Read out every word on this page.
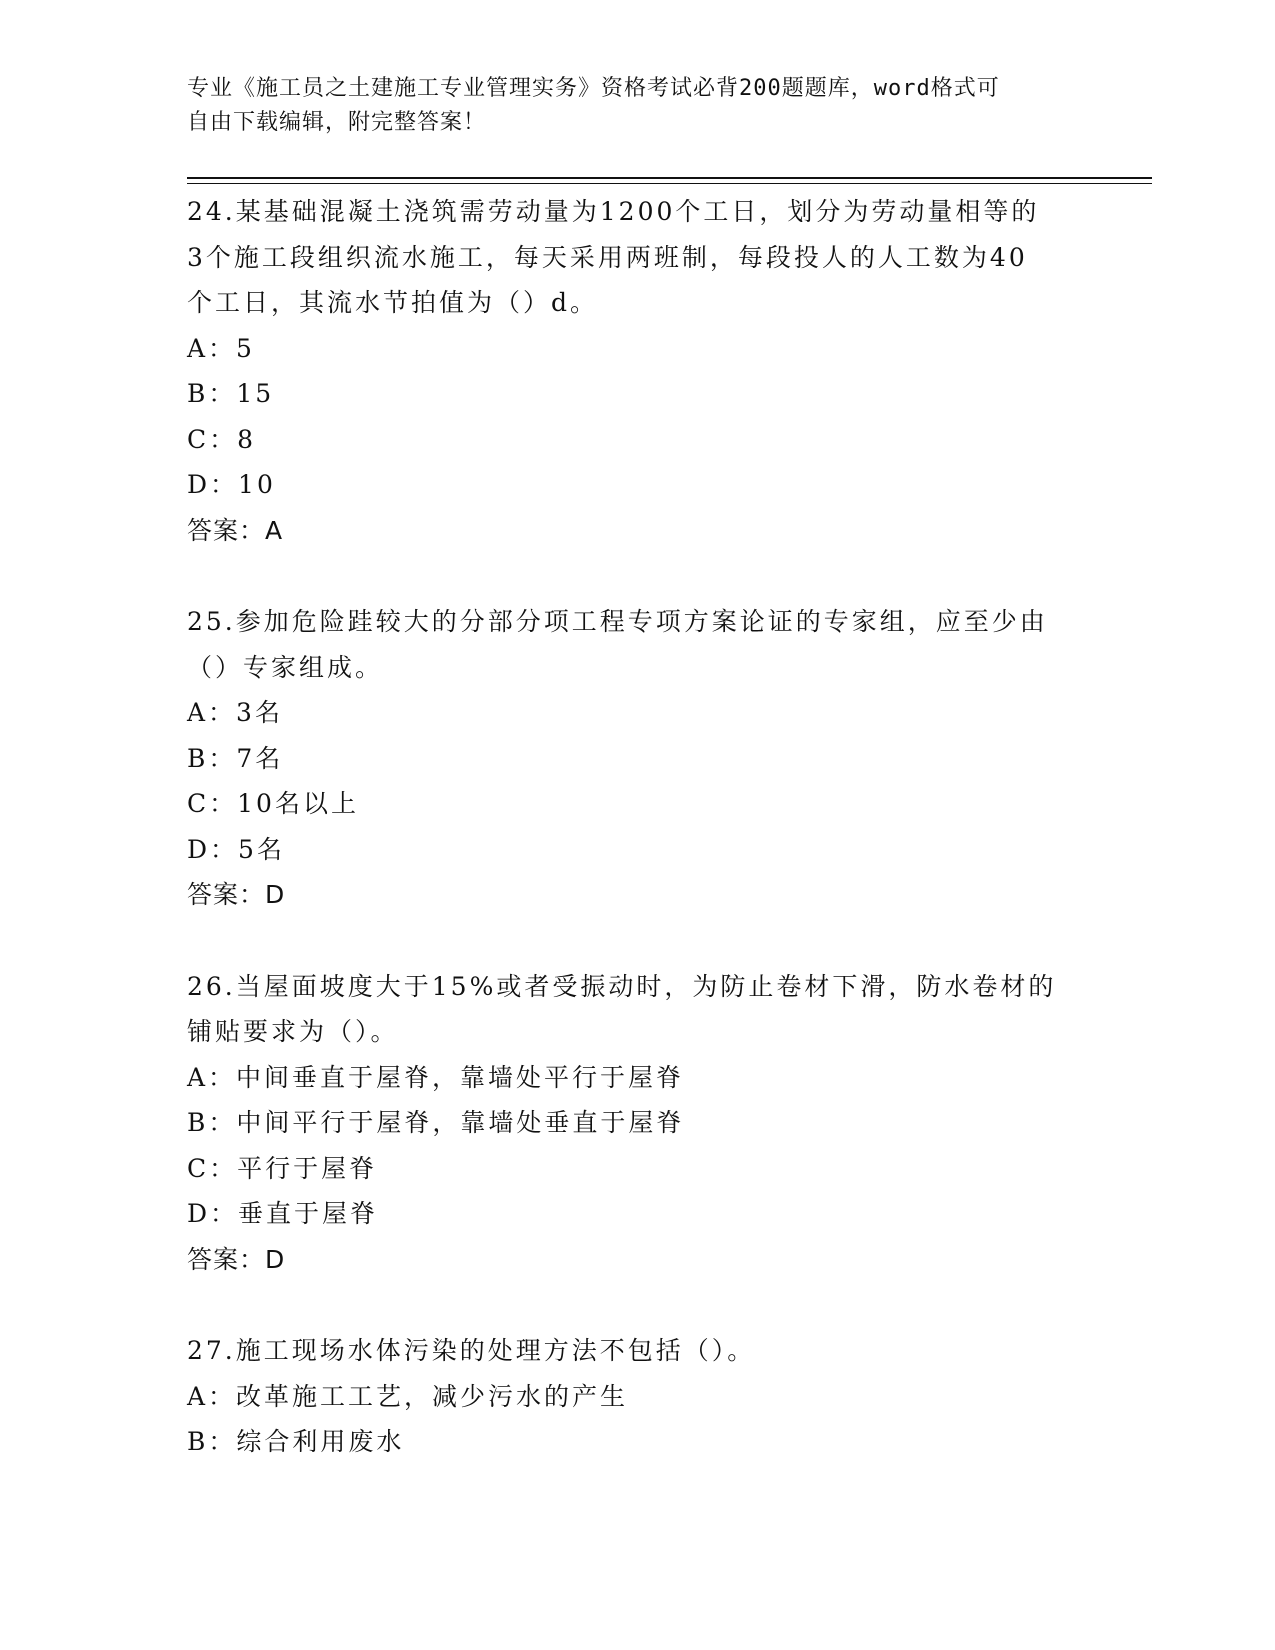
专业《施工员之土建施工专业管理实务》资格考试必背200题题库，word格式可
自由下载编辑，附完整答案！
24.某基础混凝土浇筑需劳动量为1200个工日，划分为劳动量相等的
3个施工段组织流水施工，每天采用两班制，每段投人的人工数为40
个工日，其流水节拍值为（）d。
A：5
B：15
C：8
D：10
答案：A
25.参加危险跬较大的分部分项工程专项方案论证的专家组，应至少由
（）专家组成。
A：3名
B：7名
C：10名以上
D：5名
答案：D
26.当屋面坡度大于15%或者受振动时，为防止卷材下滑，防水卷材的
铺贴要求为（）。
A：中间垂直于屋脊，靠墙处平行于屋脊
B：中间平行于屋脊，靠墙处垂直于屋脊
C：平行于屋脊
D：垂直于屋脊
答案：D
27.施工现场水体污染的处理方法不包括（）。
A：改革施工工艺，减少污水的产生
B：综合利用废水
